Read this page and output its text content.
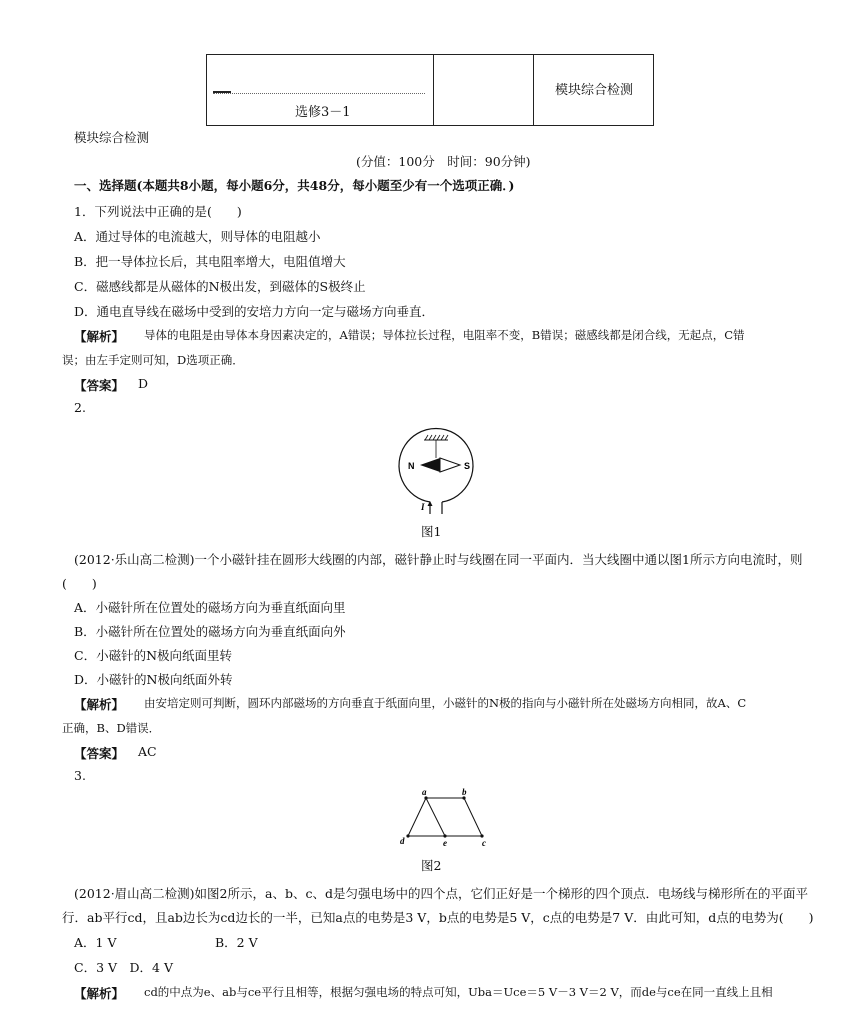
选修3－1
模块综合检测
模块综合检测
(分值：100分　时间：90分钟)
一、选择题(本题共8小题，每小题6分，共48分，每小题至少有一个选项正确．)
1．下列说法中正确的是(　　)
A．通过导体的电流越大，则导体的电阻越小
B．把一导体拉长后，其电阻率增大，电阻值增大
C．磁感线都是从磁体的N极出发，到磁体的S极终止
D．通电直导线在磁场中受到的安培力方向一定与磁场方向垂直．
【解析】 导体的电阻是由导体本身因素决定的，A错误；导体拉长过程，电阻率不变，B错误；磁感线都是闭合线，无起点，C错
误；由左手定则可知，D选项正确．
【答案】 D
2.
N	S
I
图1
(2012·乐山高二检测)一个小磁针挂在圆形大线圈的内部，磁针静止时与线圈在同一平面内．当大线圈中通以图1所示方向电流时，则
(　　)
A．小磁针所在位置处的磁场方向为垂直纸面向里
B．小磁针所在位置处的磁场方向为垂直纸面向外
C．小磁针的N极向纸面里转
D．小磁针的N极向纸面外转
【解析】 由安培定则可判断，圆环内部磁场的方向垂直于纸面向里，小磁针的N极的指向与小磁针所在处磁场方向相同，故A、C
正确，B、D错误．
【答案】 AC
3.
a	b
c
d	e
图2
(2012·眉山高二检测)如图2所示，a、b、c、d是匀强电场中的四个点，它们正好是一个梯形的四个顶点．电场线与梯形所在的平面平
行．ab平行cd，且ab边长为cd边长的一半，已知a点的电势是3 V，b点的电势是5 V，c点的电势是7 V．由此可知，d点的电势为(　　)
A．1 V	B．2 V
C．3 V　D．4 V
【解析】 cd的中点为e、ab与ce平行且相等，根据匀强电场的特点可知，Uba＝Uce＝5 V－3 V＝2 V，而de与ce在同一直线上且相
